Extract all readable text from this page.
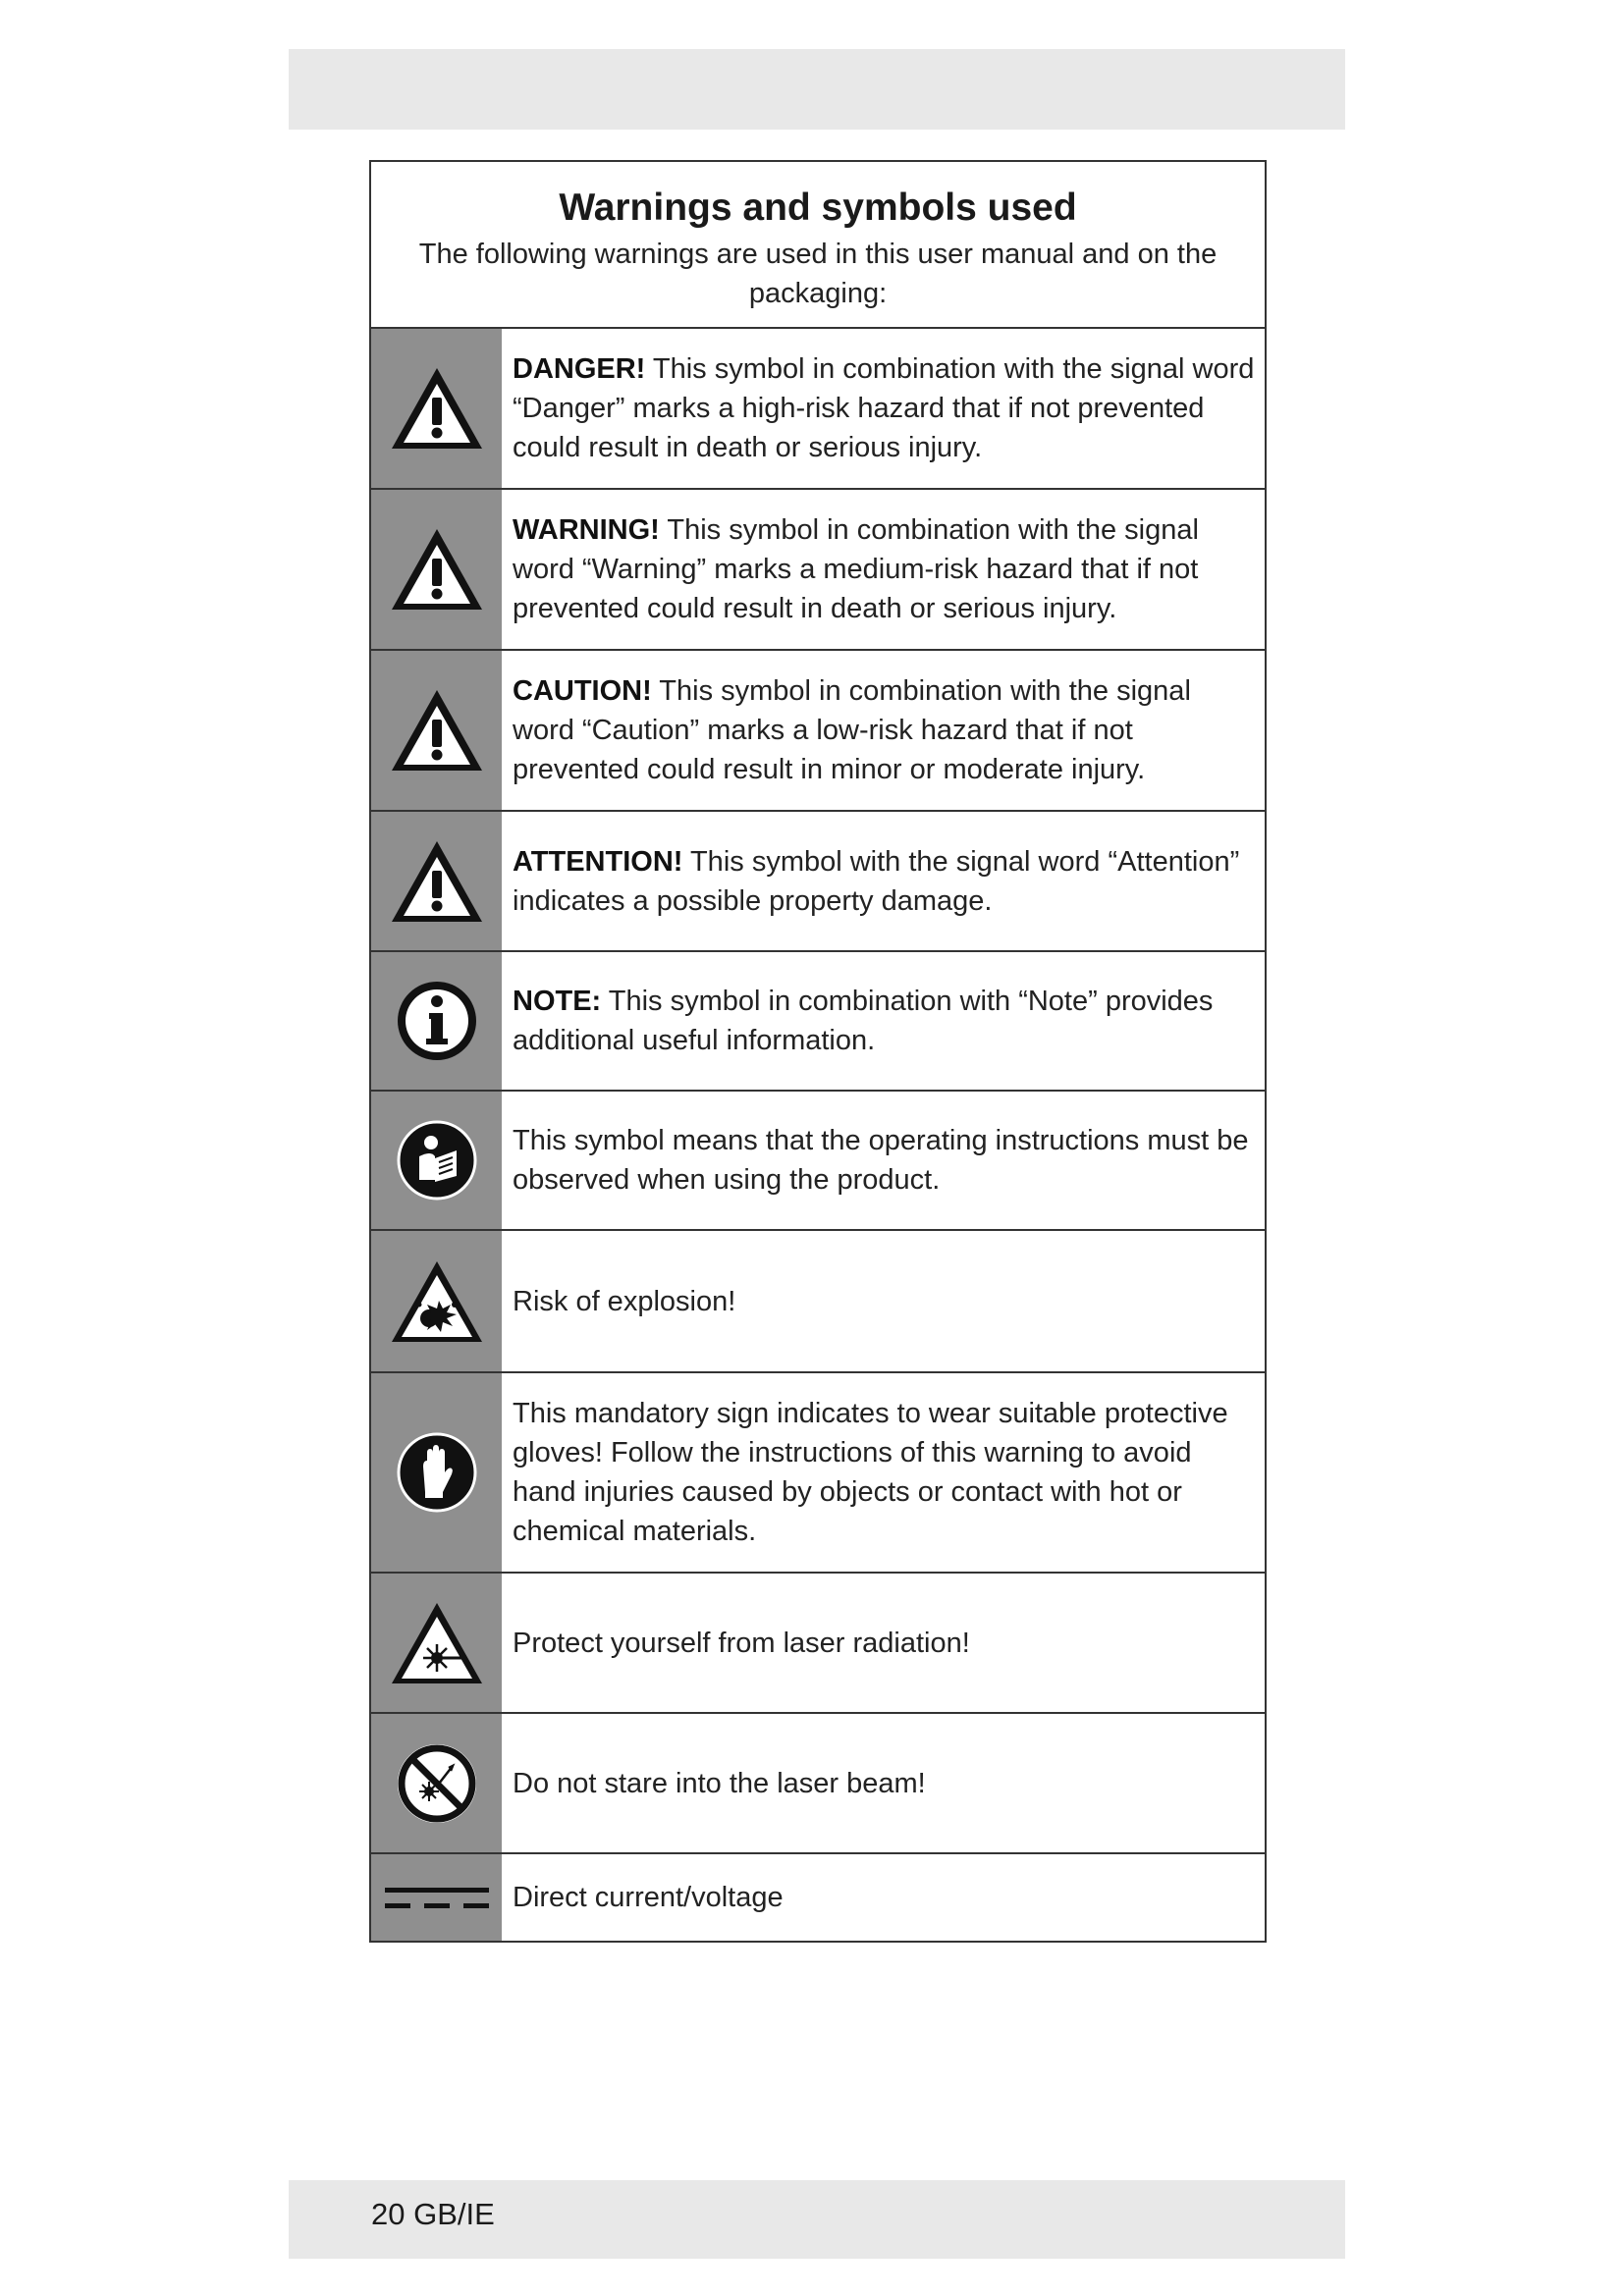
Warnings and symbols used
The following warnings are used in this user manual and on the packaging:
DANGER! This symbol in combination with the signal word “Danger” marks a high-risk hazard that if not prevented could result in death or serious injury.
WARNING! This symbol in combination with the signal word “Warning” marks a medium-risk hazard that if not prevented could result in death or serious injury.
CAUTION! This symbol in combination with the signal word “Caution” marks a low-risk hazard that if not prevented could result in minor or moderate injury.
ATTENTION! This symbol with the signal word “Attention” indicates a possible property damage.
NOTE: This symbol in combination with “Note” provides additional useful information.
This symbol means that the operating instructions must be observed when using the product.
Risk of explosion!
This mandatory sign indicates to wear suitable protective gloves! Follow the instructions of this warning to avoid hand injuries caused by objects or contact with hot or chemical materials.
Protect yourself from laser radiation!
Do not stare into the laser beam!
Direct current/voltage
20 GB/IE
